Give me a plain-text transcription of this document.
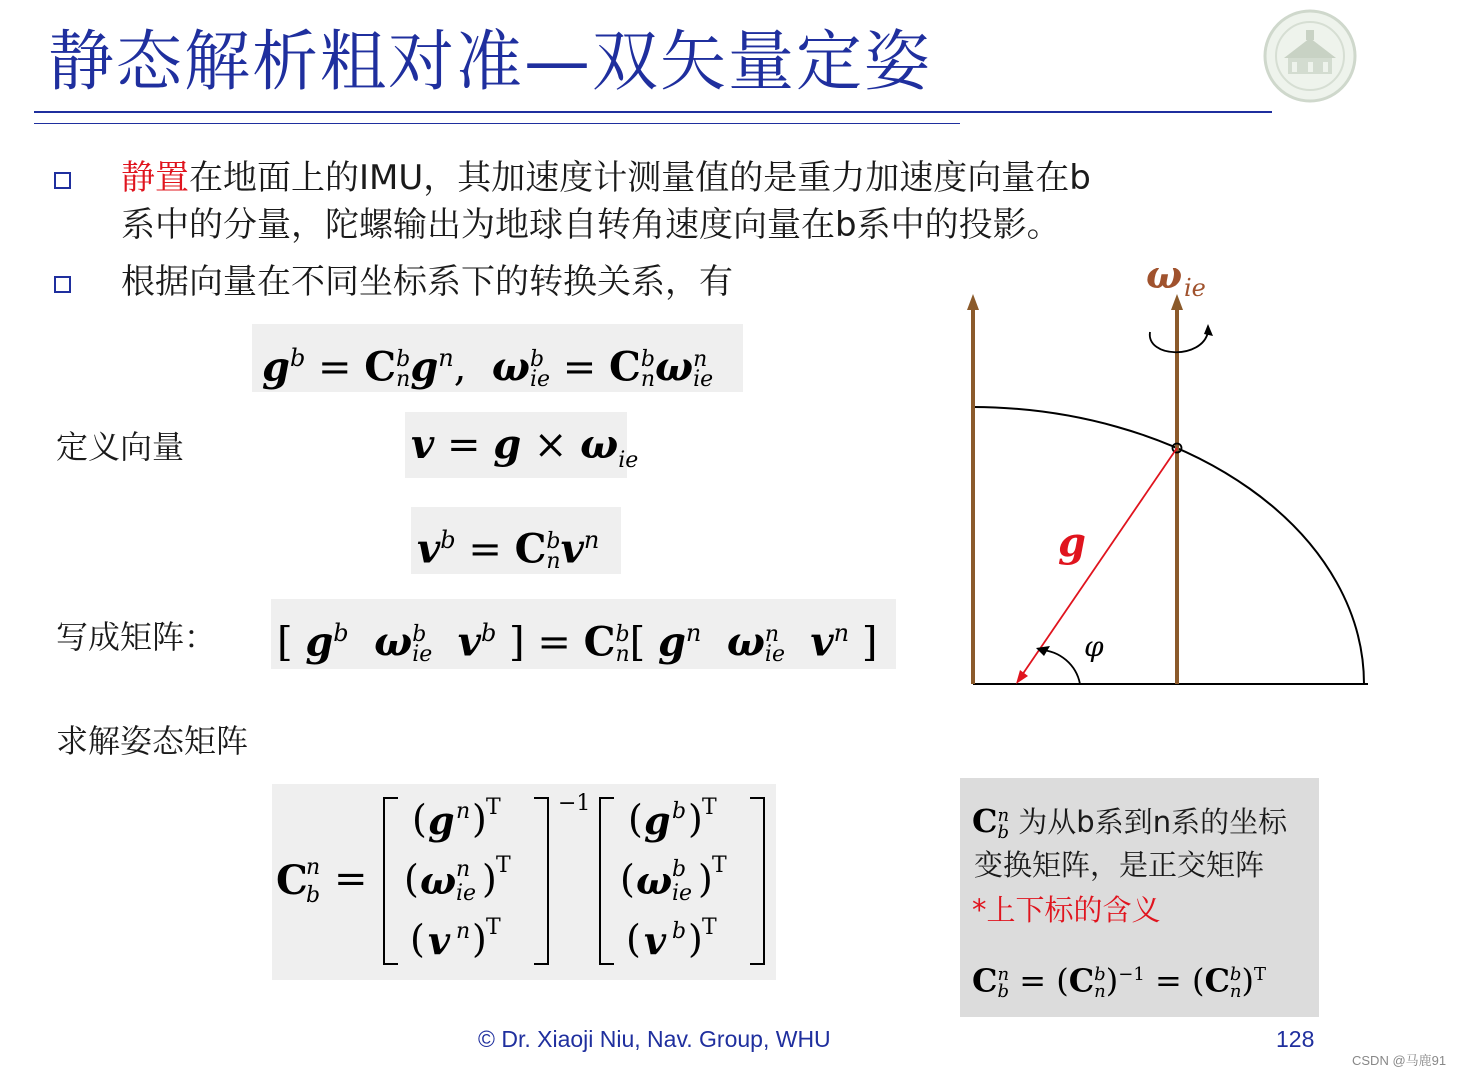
静态解析粗对准—双矢量定姿
静置在地面上的IMU，其加速度计测量值的是重力加速度向量在b
系中的分量，陀螺输出为地球自转角速度向量在b系中的投影。
根据向量在不同坐标系下的转换关系，有
$g^b = Cb$
$ng^n$,  ωb
ie = Cb
nωn
ie
定义向量	$v = g \times \omega_{ie}$
$v^b = Cb$
$nv^n$
写成矩阵： [ $g^b$ ωb
ie $v^b$ ] = Cb
n[ $g^n$ ωn
ie $v^n$ ]
求解姿态矩阵
C
n
b =
( g n ) T
( ω n
ie ) T
( v n ) T
−1 ( g b ) T
( ω b
ie ) T
( v b ) T
ω ie
g
φ
Cn
b 为从b系到n系的坐标
变换矩阵，是正交矩阵
*上下标的含义
Cn
b = (Cb
n)$^{-1}$ = (Cb
n)$^T$
© Dr. Xiaoji Niu, Nav. Group, WHU	128
CSDN @马鹿91
